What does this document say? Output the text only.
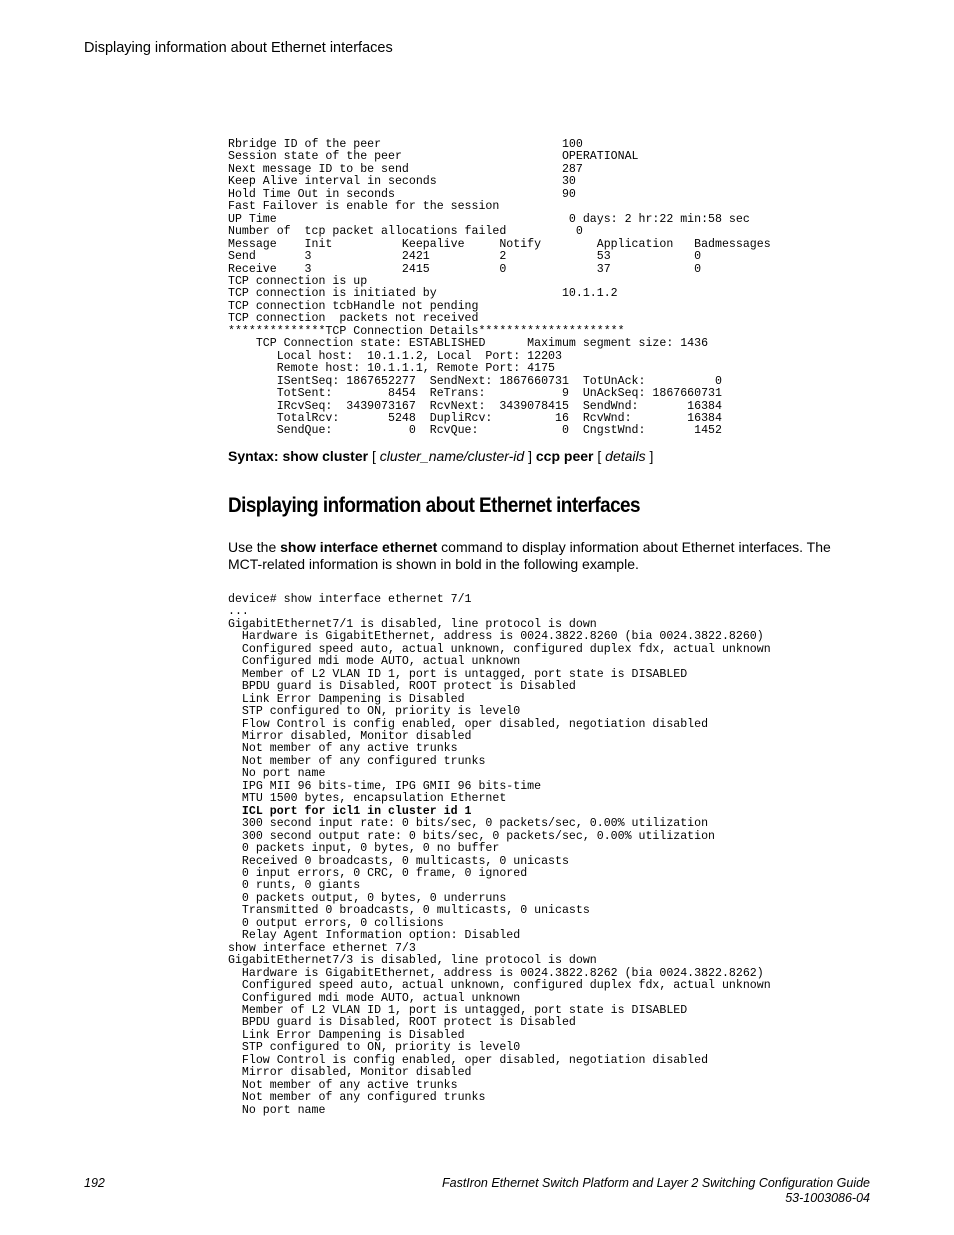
Displaying information about Ethernet interfaces
Rbridge ID of the peer                          100
Session state of the peer                       OPERATIONAL
Next message ID to be send                      287
Keep Alive interval in seconds                  30
Hold Time Out in seconds                        90
Fast Failover is enable for the session
UP Time                                          0 days: 2 hr:22 min:58 sec
Number of  tcp packet allocations failed          0
Message    Init          Keepalive     Notify        Application   Badmessages
Send       3             2421          2             53            0
Receive    3             2415          0             37            0
TCP connection is up
TCP connection is initiated by                  10.1.1.2
TCP connection tcbHandle not pending
TCP connection  packets not received
**************TCP Connection Details*********************
TCP Connection state: ESTABLISHED      Maximum segment size: 1436
Local host:  10.1.1.2, Local  Port: 12203
Remote host: 10.1.1.1, Remote Port: 4175
ISentSeq: 1867652277  SendNext: 1867660731  TotUnAck:          0
TotSent:        8454  ReTrans:           9  UnAckSeq: 1867660731
IRcvSeq:  3439073167  RcvNext:  3439078415  SendWnd:       16384
TotalRcv:       5248  DupliRcv:         16  RcvWnd:        16384
SendQue:           0  RcvQue:            0  CngstWnd:       1452
Syntax: show cluster [ cluster_name/cluster-id ] ccp peer [ details ]
Displaying information about Ethernet interfaces

Use the show interface ethernet command to display information about Ethernet interfaces. The MCT-related information is shown in bold in the following example.

device# show interface ethernet 7/1
...
GigabitEthernet7/1 is disabled, line protocol is down
Hardware is GigabitEthernet, address is 0024.3822.8260 (bia 0024.3822.8260)
Configured speed auto, actual unknown, configured duplex fdx, actual unknown
Configured mdi mode AUTO, actual unknown
Member of L2 VLAN ID 1, port is untagged, port state is DISABLED
BPDU guard is Disabled, ROOT protect is Disabled
Link Error Dampening is Disabled
STP configured to ON, priority is level0
Flow Control is config enabled, oper disabled, negotiation disabled
Mirror disabled, Monitor disabled
Not member of any active trunks
Not member of any configured trunks
No port name
IPG MII 96 bits-time, IPG GMII 96 bits-time
MTU 1500 bytes, encapsulation Ethernet
ICL port for icl1 in cluster id 1
300 second input rate: 0 bits/sec, 0 packets/sec, 0.00% utilization
300 second output rate: 0 bits/sec, 0 packets/sec, 0.00% utilization
0 packets input, 0 bytes, 0 no buffer
Received 0 broadcasts, 0 multicasts, 0 unicasts
0 input errors, 0 CRC, 0 frame, 0 ignored
0 runts, 0 giants
0 packets output, 0 bytes, 0 underruns
Transmitted 0 broadcasts, 0 multicasts, 0 unicasts
0 output errors, 0 collisions
Relay Agent Information option: Disabled
show interface ethernet 7/3
GigabitEthernet7/3 is disabled, line protocol is down
Hardware is GigabitEthernet, address is 0024.3822.8262 (bia 0024.3822.8262)
Configured speed auto, actual unknown, configured duplex fdx, actual unknown
Configured mdi mode AUTO, actual unknown
Member of L2 VLAN ID 1, port is untagged, port state is DISABLED
BPDU guard is Disabled, ROOT protect is Disabled
Link Error Dampening is Disabled
STP configured to ON, priority is level0
Flow Control is config enabled, oper disabled, negotiation disabled
Mirror disabled, Monitor disabled
Not member of any active trunks
Not member of any configured trunks
No port name
192	FastIron Ethernet Switch Platform and Layer 2 Switching Configuration Guide
53-1003086-04
